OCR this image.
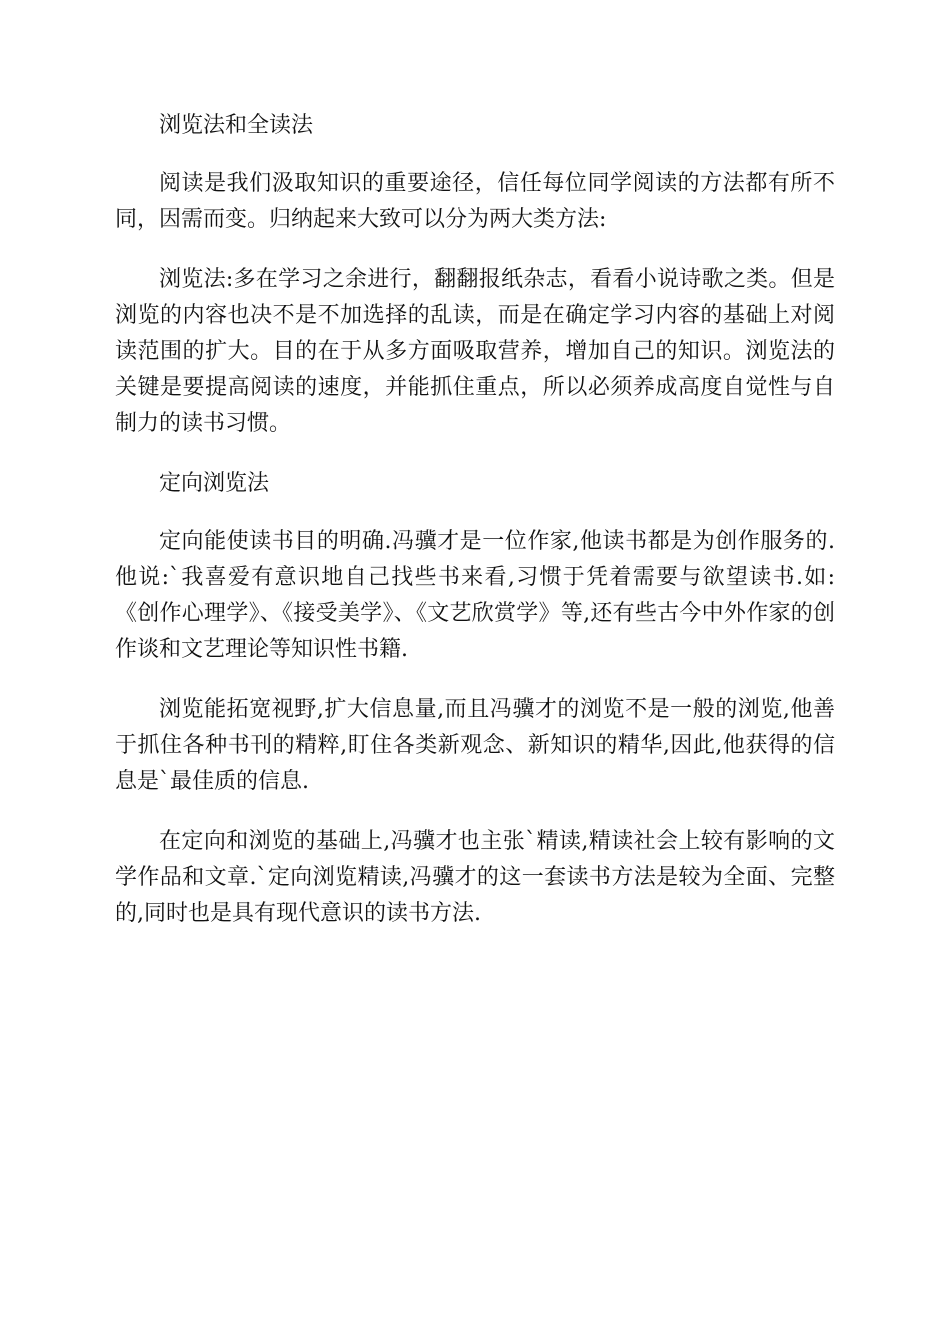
浏览法和全读法

阅读是我们汲取知识的重要途径，信任每位同学阅读的方法都有所不同，因需而变。归纳起来大致可以分为两大类方法:

浏览法:多在学习之余进行，翻翻报纸杂志，看看小说诗歌之类。但是浏览的内容也决不是不加选择的乱读，而是在确定学习内容的基础上对阅读范围的扩大。目的在于从多方面吸取营养，增加自己的知识。浏览法的关键是要提高阅读的速度，并能抓住重点，所以必须养成高度自觉性与自制力的读书习惯。

定向浏览法

定向能使读书目的明确.冯骥才是一位作家,他读书都是为创作服务的.他说:`我喜爱有意识地自己找些书来看,习惯于凭着需要与欲望读书.如:《创作心理学》、《接受美学》、《文艺欣赏学》等,还有些古今中外作家的创作谈和文艺理论等知识性书籍.

浏览能拓宽视野,扩大信息量,而且冯骥才的浏览不是一般的浏览,他善于抓住各种书刊的精粹,盯住各类新观念、新知识的精华,因此,他获得的信息是`最佳质的信息.

在定向和浏览的基础上,冯骥才也主张`精读,精读社会上较有影响的文学作品和文章.`定向浏览精读,冯骥才的这一套读书方法是较为全面、完整的,同时也是具有现代意识的读书方法.
